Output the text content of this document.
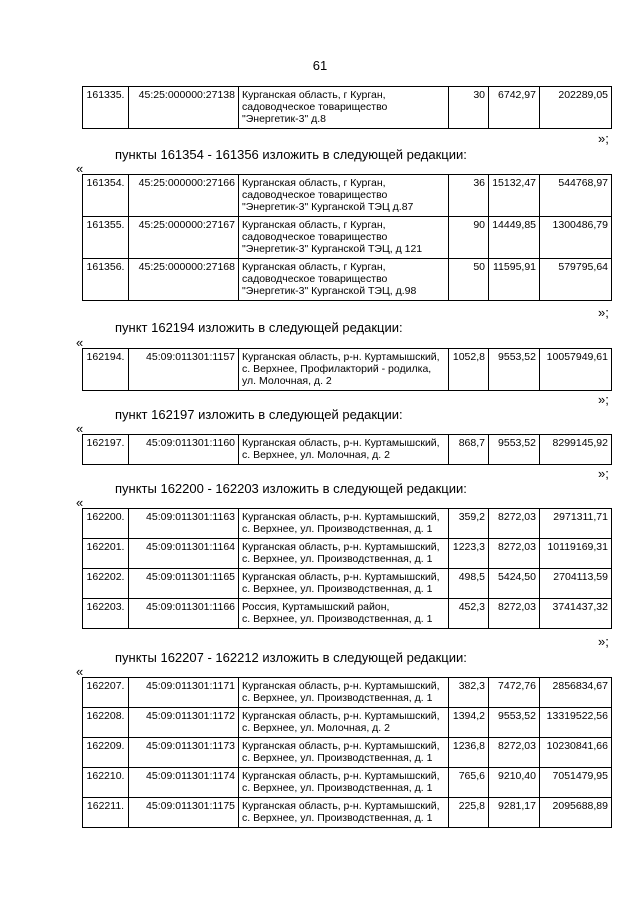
61
161335.	45:25:000000:27138	Курганская область, г Курган,
садоводческое товарищество
"Энергетик-3" д.8	30	6742,97	202289,05
»;
пункты 161354 - 161356 изложить в следующей редакции:
«
161354.	45:25:000000:27166	Курганская область, г Курган,
садоводческое товарищество
"Энергетик-3" Курганской ТЭЦ д.87	36	15132,47	544768,97
161355.	45:25:000000:27167	Курганская область, г Курган,
садоводческое товарищество
"Энергетик-3" Курганской ТЭЦ, д 121	90	14449,85	1300486,79
161356.	45:25:000000:27168	Курганская область, г Курган,
садоводческое товарищество
"Энергетик-3" Курганской ТЭЦ, д.98	50	11595,91	579795,64
»;
пункт 162194 изложить в следующей редакции:
«
162194.	45:09:011301:1157	Курганская область, р-н. Куртамышский,
с. Верхнее, Профилакторий - родилка,
ул. Молочная, д. 2	1052,8	9553,52	10057949,61
»;
пункт 162197 изложить в следующей редакции:
«
162197.	45:09:011301:1160	Курганская область, р-н. Куртамышский,
с. Верхнее, ул. Молочная, д. 2	868,7	9553,52	8299145,92
»;
пункты 162200 - 162203 изложить в следующей редакции:
«
162200.	45:09:011301:1163	Курганская область, р-н. Куртамышский,
с. Верхнее, ул. Производственная, д. 1	359,2	8272,03	2971311,71
162201.	45:09:011301:1164	Курганская область, р-н. Куртамышский,
с. Верхнее, ул. Производственная, д. 1	1223,3	8272,03	10119169,31
162202.	45:09:011301:1165	Курганская область, р-н. Куртамышский,
с. Верхнее, ул. Производственная, д. 1	498,5	5424,50	2704113,59
162203.	45:09:011301:1166	Россия, Куртамышский район,
с. Верхнее, ул. Производственная, д. 1	452,3	8272,03	3741437,32
»;
пункты 162207 - 162212 изложить в следующей редакции:
«
162207.	45:09:011301:1171	Курганская область, р-н. Куртамышский,
с. Верхнее, ул. Производственная, д. 1	382,3	7472,76	2856834,67
162208.	45:09:011301:1172	Курганская область, р-н. Куртамышский,
с. Верхнее, ул. Молочная, д. 2	1394,2	9553,52	13319522,56
162209.	45:09:011301:1173	Курганская область, р-н. Куртамышский,
с. Верхнее, ул. Производственная, д. 1	1236,8	8272,03	10230841,66
162210.	45:09:011301:1174	Курганская область, р-н. Куртамышский,
с. Верхнее, ул. Производственная, д. 1	765,6	9210,40	7051479,95
162211.	45:09:011301:1175	Курганская область, р-н. Куртамышский,
с. Верхнее, ул. Производственная, д. 1	225,8	9281,17	2095688,89
